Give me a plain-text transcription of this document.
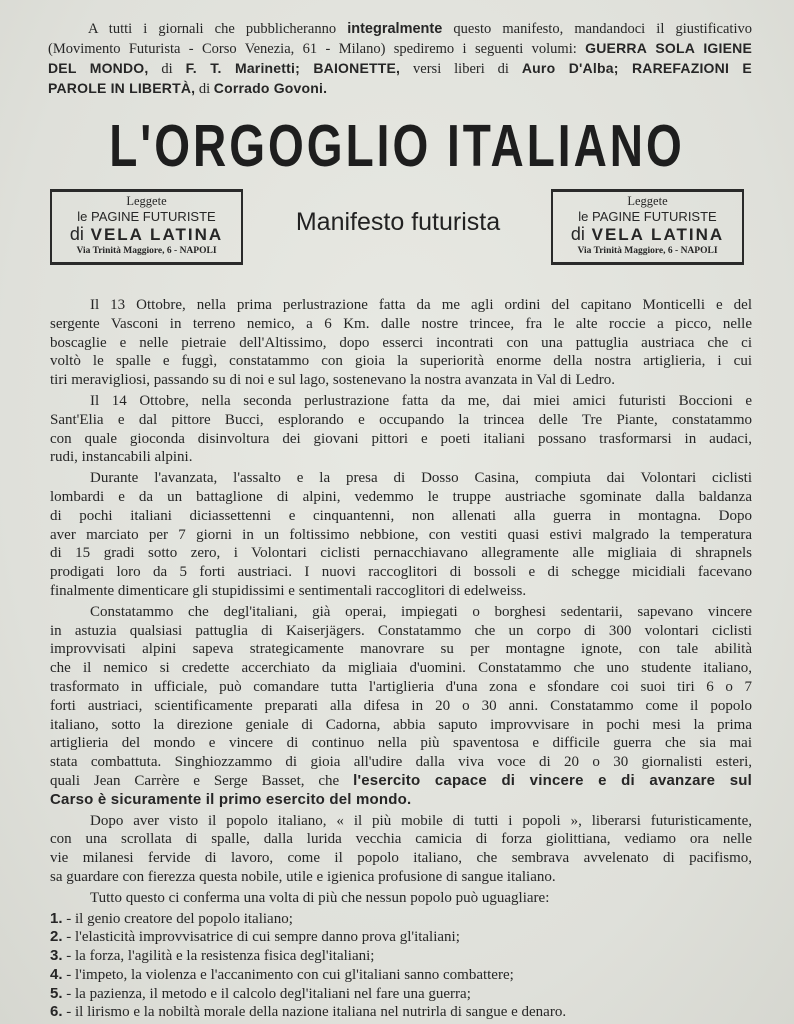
A tutti i giornali che pubblicheranno integralmente questo manifesto, mandandoci il giustificativo
(Movimento Futurista - Corso Venezia, 61 - Milano) spediremo i seguenti volumi: GUERRA SOLA IGIENE
DEL MONDO, di F. T. Marinetti; BAIONETTE, versi liberi di Auro D'Alba; RAREFAZIONI E
PAROLE IN LIBERTÀ, di Corrado Govoni.
L'ORGOGLIO ITALIANO
Leggete
le PAGINE FUTURISTE
di VELA LATINA
Via Trinità Maggiore, 6 - NAPOLI
Manifesto futurista
Leggete
le PAGINE FUTURISTE
di VELA LATINA
Via Trinità Maggiore, 6 - NAPOLI
Il 13 Ottobre, nella prima perlustrazione fatta da me agli ordini del capitano Monticelli e del
sergente Vasconi in terreno nemico, a 6 Km. dalle nostre trincee, fra le alte roccie a picco, nelle
boscaglie e nelle pietraie dell'Altissimo, dopo esserci incontrati con una pattuglia austriaca che ci
voltò le spalle e fuggì, constatammo con gioia la superiorità enorme della nostra artiglieria, i cui
tiri meravigliosi, passando su di noi e sul lago, sostenevano la nostra avanzata in Val di Ledro.
Il 14 Ottobre, nella seconda perlustrazione fatta da me, dai miei amici futuristi Boccioni e
Sant'Elia e dal pittore Bucci, esplorando e occupando la trincea delle Tre Piante, constatammo
con quale gioconda disinvoltura dei giovani pittori e poeti italiani possano trasformarsi in audaci,
rudi, instancabili alpini.
Durante l'avanzata, l'assalto e la presa di Dosso Casina, compiuta dai Volontari ciclisti
lombardi e da un battaglione di alpini, vedemmo le truppe austriache sgominate dalla baldanza
di pochi italiani diciassettenni e cinquantenni, non allenati alla guerra in montagna. Dopo
aver marciato per 7 giorni in un foltissimo nebbione, con vestiti quasi estivi malgrado la temperatura
di 15 gradi sotto zero, i Volontari ciclisti pernacchiavano allegramente alle migliaia di shrapnels
prodigati loro da 5 forti austriaci. I nuovi raccoglitori di bossoli e di schegge micidiali facevano
finalmente dimenticare gli stupidissimi e sentimentali raccoglitori di edelweiss.
Constatammo che degl'italiani, già operai, impiegati o borghesi sedentarii, sapevano vincere
in astuzia qualsiasi pattuglia di Kaiserjägers. Constatammo che un corpo di 300 volontari ciclisti
improvvisati alpini sapeva strategicamente manovrare su per montagne ignote, con tale abilità
che il nemico si credette accerchiato da migliaia d'uomini. Constatammo che uno studente italiano,
trasformato in ufficiale, può comandare tutta l'artiglieria d'una zona e sfondare coi suoi tiri 6 o 7
forti austriaci, scientificamente preparati alla difesa in 20 o 30 anni. Constatammo come il popolo
italiano, sotto la direzione geniale di Cadorna, abbia saputo improvvisare in pochi mesi la prima
artiglieria del mondo e vincere di continuo nella più spaventosa e difficile guerra che sia mai
stata combattuta. Singhiozzammo di gioia all'udire dalla viva voce di 20 o 30 giornalisti esteri,
quali Jean Carrère e Serge Basset, che l'esercito capace di vincere e di avanzare sul
Carso è sicuramente il primo esercito del mondo.
Dopo aver visto il popolo italiano, « il più mobile di tutti i popoli », liberarsi futuristicamente,
con una scrollata di spalle, dalla lurida vecchia camicia di forza giolittiana, vediamo ora nelle
vie milanesi fervide di lavoro, come il popolo italiano, che sembrava avvelenato di pacifismo,
sa guardare con fierezza questa nobile, utile e igienica profusione di sangue italiano.
Tutto questo ci conferma una volta di più che nessun popolo può uguagliare:
1. - il genio creatore del popolo italiano;
2. - l'elasticità improvvisatrice di cui sempre danno prova gl'italiani;
3. - la forza, l'agilità e la resistenza fisica degl'italiani;
4. - l'impeto, la violenza e l'accanimento con cui gl'italiani sanno combattere;
5. - la pazienza, il metodo e il calcolo degl'italiani nel fare una guerra;
6. - il lirismo e la nobiltà morale della nazione italiana nel nutrirla di sangue e denaro.
